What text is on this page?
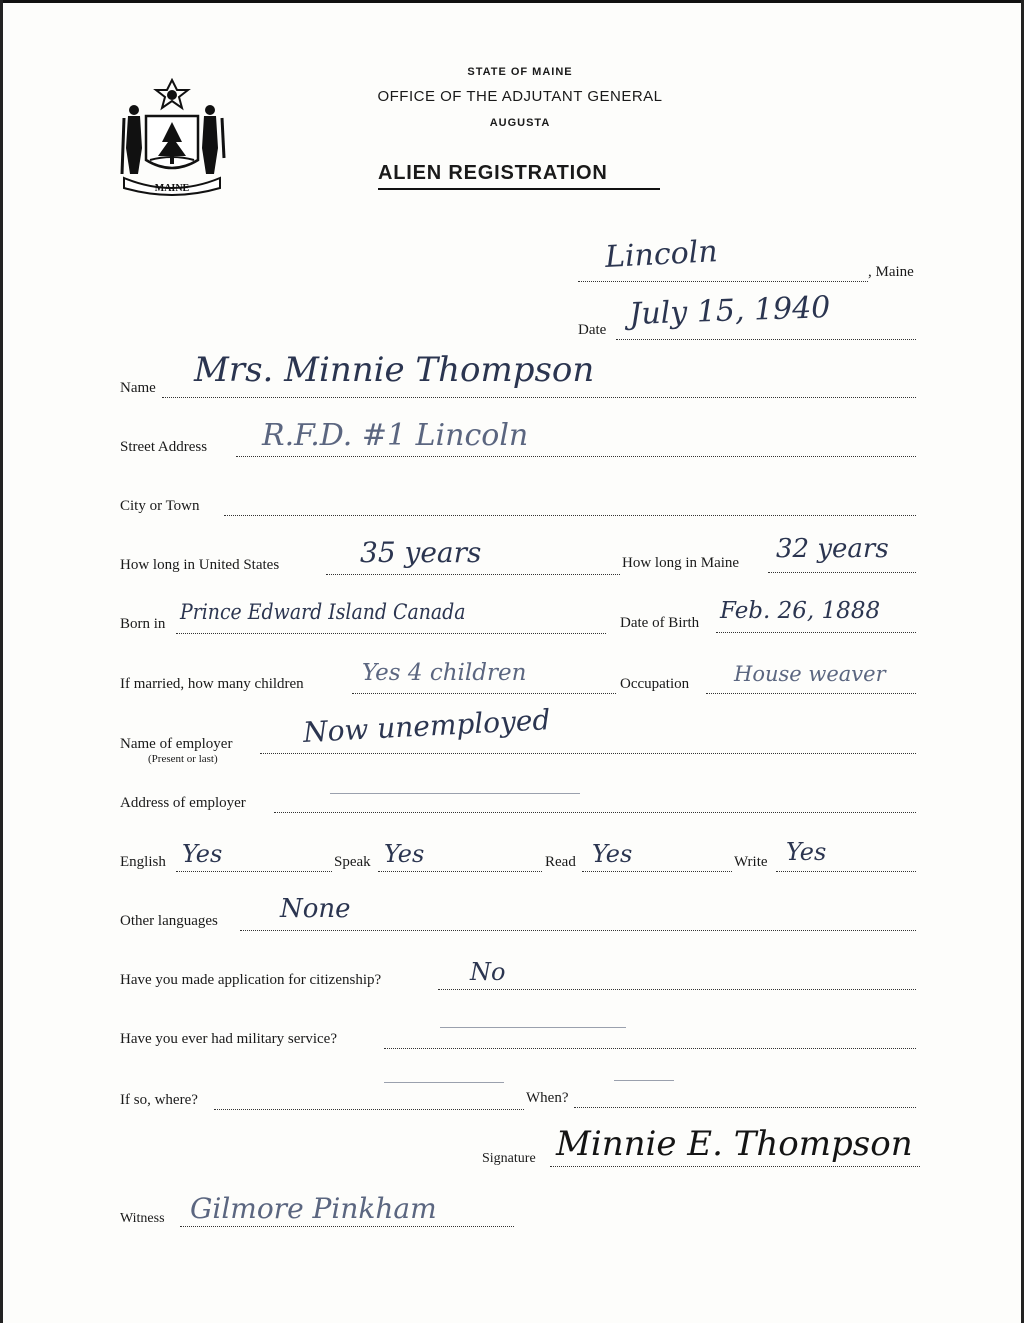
MAINE
STATE OF MAINE
OFFICE OF THE ADJUTANT GENERAL
AUGUSTA
ALIEN REGISTRATION
Lincoln	, Maine
Date July 15, 1940
Name Mrs. Minnie Thompson
Street Address R.F.D. #1 Lincoln
City or Town
How long in United States	35 years	How long in Maine 32 years
Born in Prince Edward Island Canada	Date of Birth Feb. 26, 1888
If married, how many children	Yes 4 children	Occupation House weaver
Name of employer
(Present or last)
Now unemployed
Address of employer
English Yes	Speak Yes	Read Yes	Write Yes
Other languages None
Have you made application for citizenship?	No
Have you ever had military service?
If so, where?	When?
Signature Minnie E. Thompson
Witness Gilmore Pinkham
